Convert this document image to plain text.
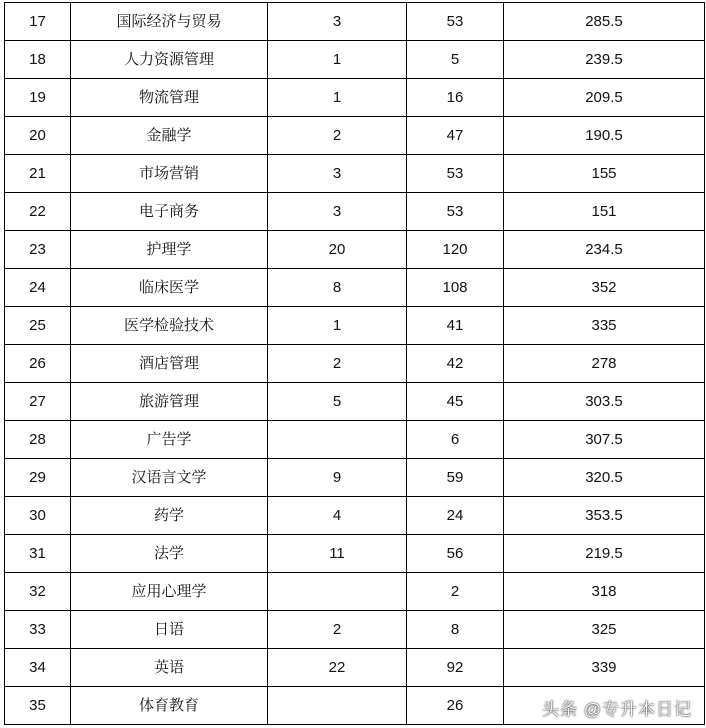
17	国际经济与贸易	3	53	285.5
18	人力资源管理	1	5	239.5
19	物流管理	1	16	209.5
20	金融学	2	47	190.5
21	市场营销	3	53	155
22	电子商务	3	53	151
23	护理学	20	120	234.5
24	临床医学	8	108	352
25	医学检验技术	1	41	335
26	酒店管理	2	42	278
27	旅游管理	5	45	303.5
28	广告学		6	307.5
29	汉语言文学	9	59	320.5
30	药学	4	24	353.5
31	法学	11	56	219.5
32	应用心理学		2	318
33	日语	2	8	325
34	英语	22	92	339
35	体育教育		26		头条 @专升本日记
